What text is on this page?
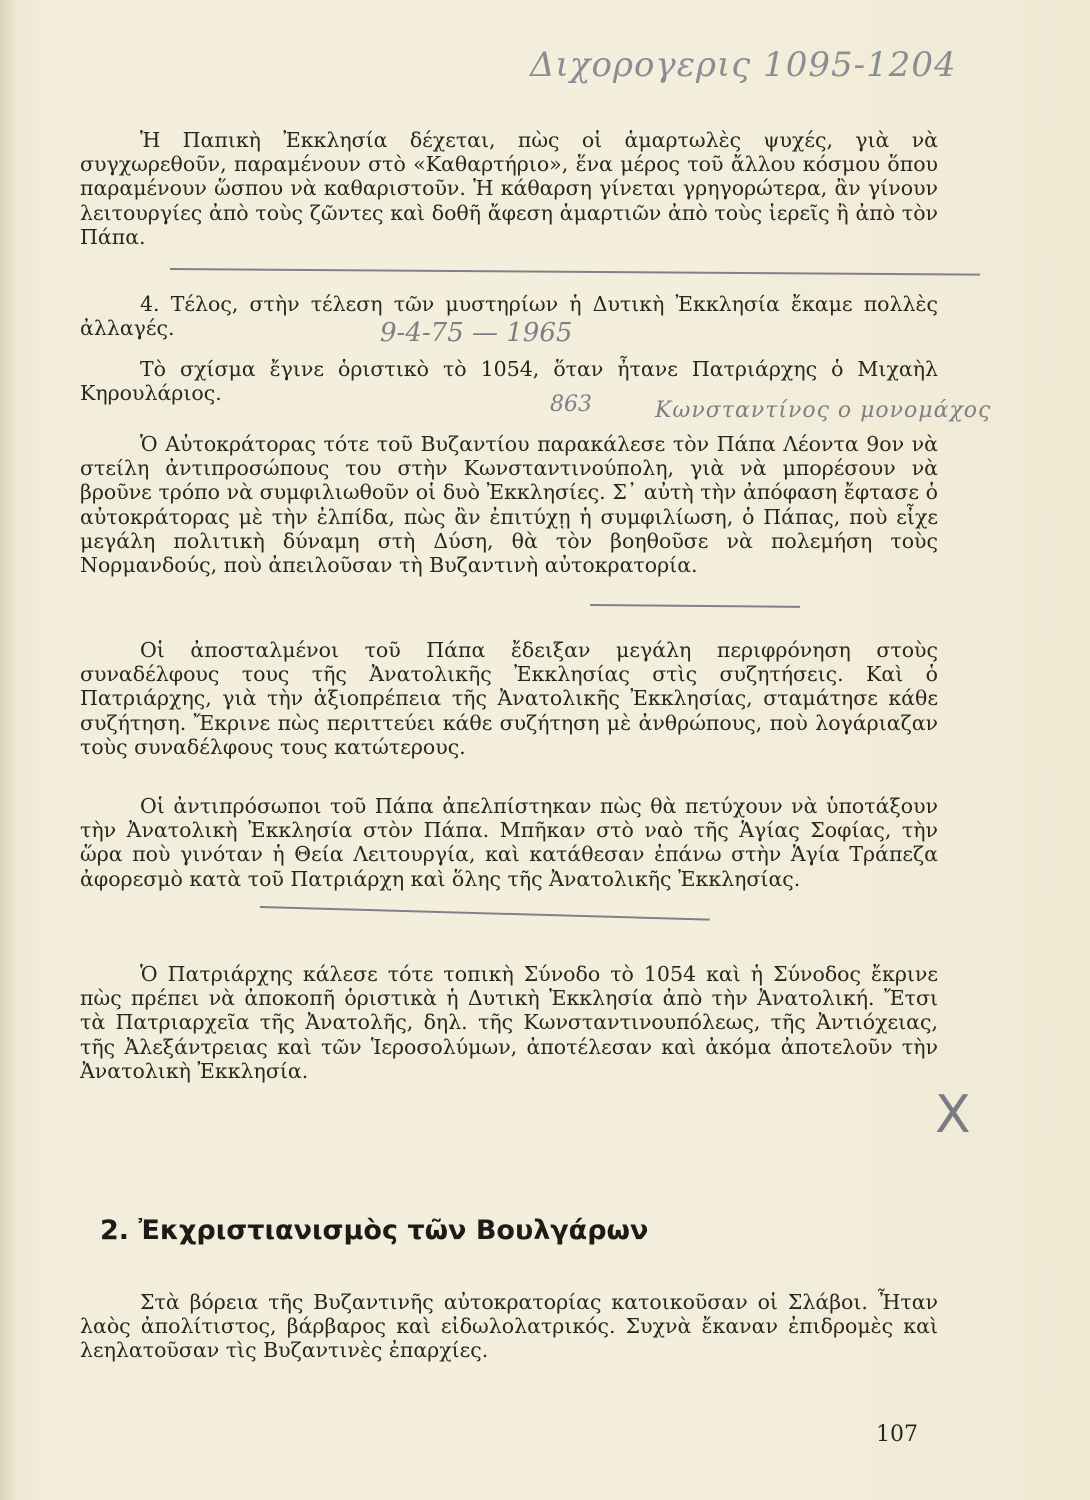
Διχορογερις 1095-1204

Ἡ Παπικὴ Ἐκκλησία δέχεται, πὼς οἱ ἁμαρτωλὲς ψυχές, γιὰ νὰ συγχωρεθοῦν, παραμένουν στὸ «Καθαρτήριο», ἕνα μέρος τοῦ ἄλλου κόσμου ὅπου παραμένουν ὥσπου νὰ καθαριστοῦν. Ἡ κάθαρση γίνεται γρηγορώτερα, ἂν γίνουν λειτουργίες ἀπὸ τοὺς ζῶντες καὶ δοθῆ ἄφεση ἁμαρτιῶν ἀπὸ τοὺς ἱερεῖς ἢ ἀπὸ τὸν Πάπα.

4. Τέλος, στὴν τέλεση τῶν μυστηρίων ἡ Δυτικὴ Ἐκκλησία ἔκαμε πολλὲς ἀλλαγές.	9-4-75 — 1965

Τὸ σχίσμα ἔγινε ὁριστικὸ τὸ 1054, ὅταν ἦτανε Πατριάρχης ὁ Μιχαὴλ Κηρουλάριος.	863	Κωνσταντίνος ο μονομάχος

Ὁ Αὐτοκράτορας τότε τοῦ Βυζαντίου παρακάλεσε τὸν Πάπα Λέοντα 9ον νὰ στείλη ἀντιπροσώπους του στὴν Κωνσταντινούπολη, γιὰ νὰ μπορέσουν νὰ βροῦνε τρόπο νὰ συμφιλιωθοῦν οἱ δυὸ Ἐκκλησίες. Σ᾿ αὐτὴ τὴν ἀπόφαση ἔφτασε ὁ αὐτοκράτορας μὲ τὴν ἐλπίδα, πὼς ἂν ἐπιτύχῃ ἡ συμφιλίωση, ὁ Πάπας, ποὺ εἶχε μεγάλη πολιτικὴ δύναμη στὴ Δύση, θὰ τὸν βοηθοῦσε νὰ πολεμήση τοὺς Νορμανδούς, ποὺ ἀπειλοῦσαν τὴ Βυζαντινὴ αὐτοκρατορία.

Οἱ ἀποσταλμένοι τοῦ Πάπα ἔδειξαν μεγάλη περιφρόνηση στοὺς συναδέλφους τους τῆς Ἀνατολικῆς Ἐκκλησίας στὶς συζητήσεις. Καὶ ὁ Πατριάρχης, γιὰ τὴν ἀξιοπρέπεια τῆς Ἀνατολικῆς Ἐκκλησίας, σταμάτησε κάθε συζήτηση. Ἔκρινε πὼς περιττεύει κάθε συζήτηση μὲ ἀνθρώπους, ποὺ λογάριαζαν τοὺς συναδέλφους τους κατώτερους.

Οἱ ἀντιπρόσωποι τοῦ Πάπα ἀπελπίστηκαν πὼς θὰ πετύχουν νὰ ὑποτάξουν τὴν Ἀνατολικὴ Ἐκκλησία στὸν Πάπα. Μπῆκαν στὸ ναὸ τῆς Ἁγίας Σοφίας, τὴν ὥρα ποὺ γινόταν ἡ Θεία Λειτουργία, καὶ κατάθεσαν ἐπάνω στὴν Ἁγία Τράπεζα ἀφορεσμὸ κατὰ τοῦ Πατριάρχη καὶ ὅλης τῆς Ἀνατολικῆς Ἐκκλησίας.

Ὁ Πατριάρχης κάλεσε τότε τοπικὴ Σύνοδο τὸ 1054 καὶ ἡ Σύνοδος ἔκρινε πὼς πρέπει νὰ ἀποκοπῆ ὁριστικὰ ἡ Δυτικὴ Ἐκκλησία ἀπὸ τὴν Ἀνατολική. Ἔτσι τὰ Πατριαρχεῖα τῆς Ἀνατολῆς, δηλ. τῆς Κωνσταντινουπόλεως, τῆς Ἀντιόχειας, τῆς Ἀλεξάντρειας καὶ τῶν Ἱεροσολύμων, ἀποτέλεσαν καὶ ἀκόμα ἀποτελοῦν τὴν Ἀνατολικὴ Ἐκκλησία.

X
2. Ἐκχριστιανισμὸς τῶν Βουλγάρων

Στὰ βόρεια τῆς Βυζαντινῆς αὐτοκρατορίας κατοικοῦσαν οἱ Σλάβοι. Ἦταν λαὸς ἀπολίτιστος, βάρβαρος καὶ εἰδωλολατρικός. Συχνὰ ἔκαναν ἐπιδρομὲς καὶ λεηλατοῦσαν τὶς Βυζαντινὲς ἐπαρχίες.

107
